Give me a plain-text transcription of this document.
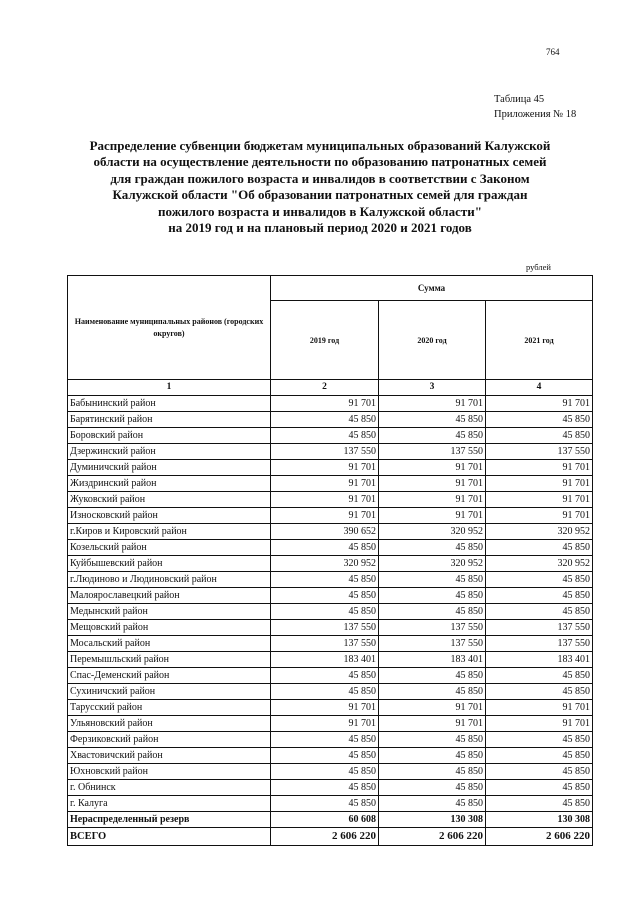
764
Таблица 45
Приложения № 18
Распределение субвенции бюджетам муниципальных образований Калужской
области на осуществление деятельности по образованию патронатных семей
для граждан пожилого возраста и инвалидов в соответствии с Законом
Калужской области "Об образовании патронатных семей для граждан
пожилого возраста и инвалидов в Калужской области"
на 2019 год и на плановый период 2020 и 2021 годов
рублей
Наименование муниципальных районов (городских округов)	Сумма		
	2019 год	2020 год	2021 год
1	2	3	4
Бабынинский район	91 701	91 701	91 701
Барятинский район	45 850	45 850	45 850
Боровский район	45 850	45 850	45 850
Дзержинский район	137 550	137 550	137 550
Думиничский район	91 701	91 701	91 701
Жиздринский район	91 701	91 701	91 701
Жуковский район	91 701	91 701	91 701
Износковский район	91 701	91 701	91 701
г.Киров и Кировский район	390 652	320 952	320 952
Козельский район	45 850	45 850	45 850
Куйбышевский район	320 952	320 952	320 952
г.Людиново и Людиновский район	45 850	45 850	45 850
Малоярославецкий район	45 850	45 850	45 850
Медынский район	45 850	45 850	45 850
Мещовский район	137 550	137 550	137 550
Мосальский район	137 550	137 550	137 550
Перемышльский район	183 401	183 401	183 401
Спас-Деменский район	45 850	45 850	45 850
Сухиничский район	45 850	45 850	45 850
Тарусский район	91 701	91 701	91 701
Ульяновский район	91 701	91 701	91 701
Ферзиковский район	45 850	45 850	45 850
Хвастовичский район	45 850	45 850	45 850
Юхновский район	45 850	45 850	45 850
г. Обнинск	45 850	45 850	45 850
г. Калуга	45 850	45 850	45 850
Нераспределенный резерв	60 608	130 308	130 308
ВСЕГО	2 606 220	2 606 220	2 606 220
